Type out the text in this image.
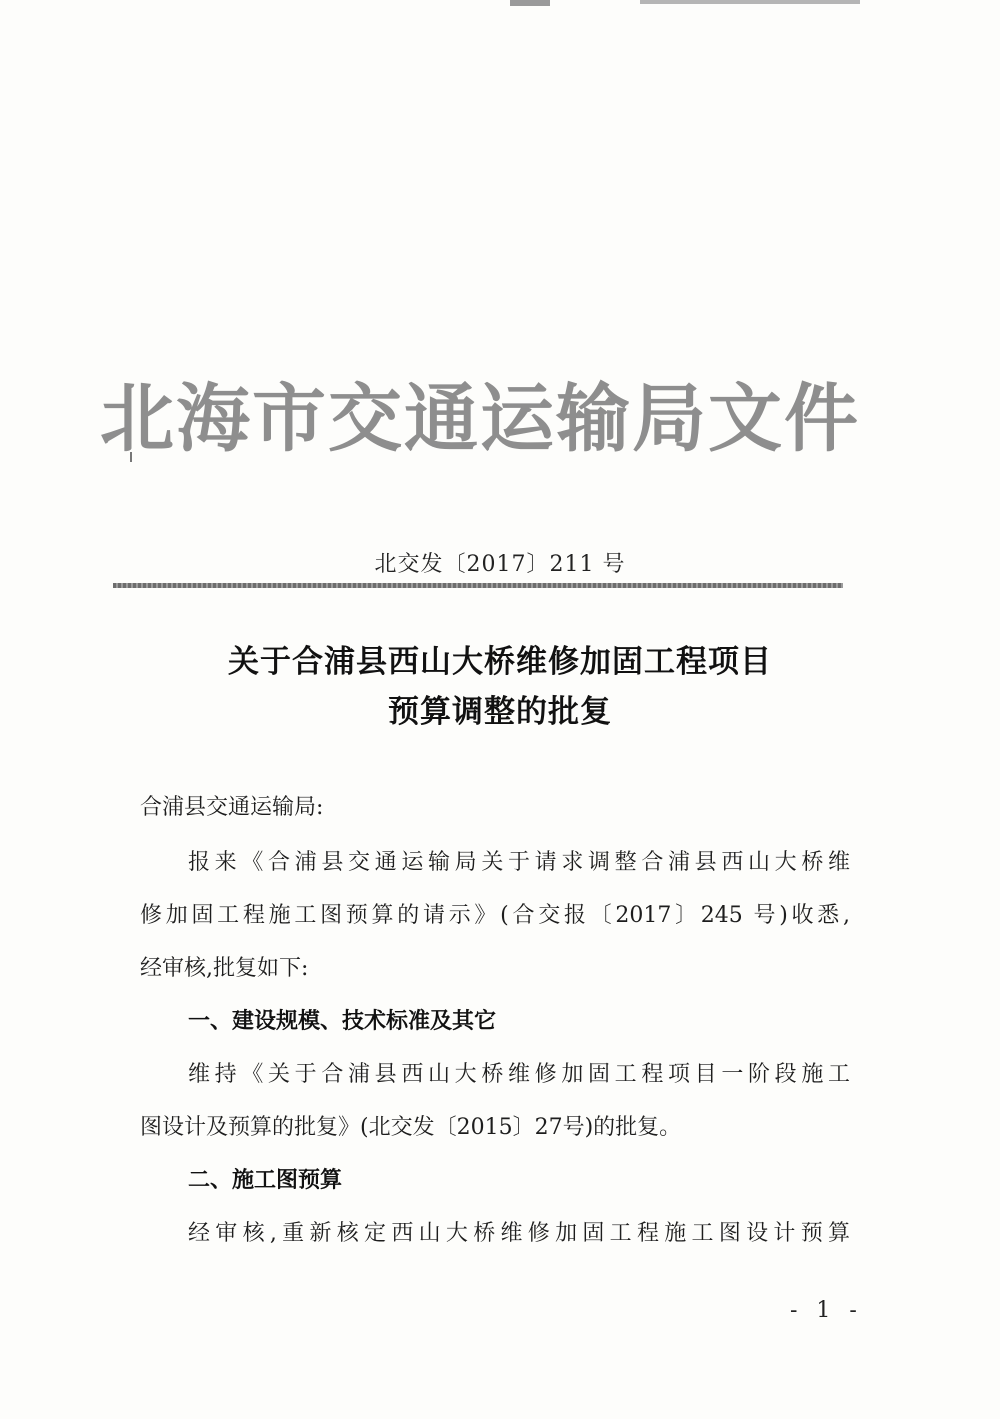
北海市交通运输局文件
北交发〔2017〕211 号
关于合浦县西山大桥维修加固工程项目
预算调整的批复
合浦县交通运输局:
报来《合浦县交通运输局关于请求调整合浦县西山大桥维
修加固工程施工图预算的请示》(合交报〔2017〕245 号)收悉,
经审核,批复如下:
一、建设规模、技术标准及其它
维持《关于合浦县西山大桥维修加固工程项目一阶段施工
图设计及预算的批复》(北交发〔2015〕27号)的批复。
二、施工图预算
经审核,重新核定西山大桥维修加固工程施工图设计预算
- 1 -
